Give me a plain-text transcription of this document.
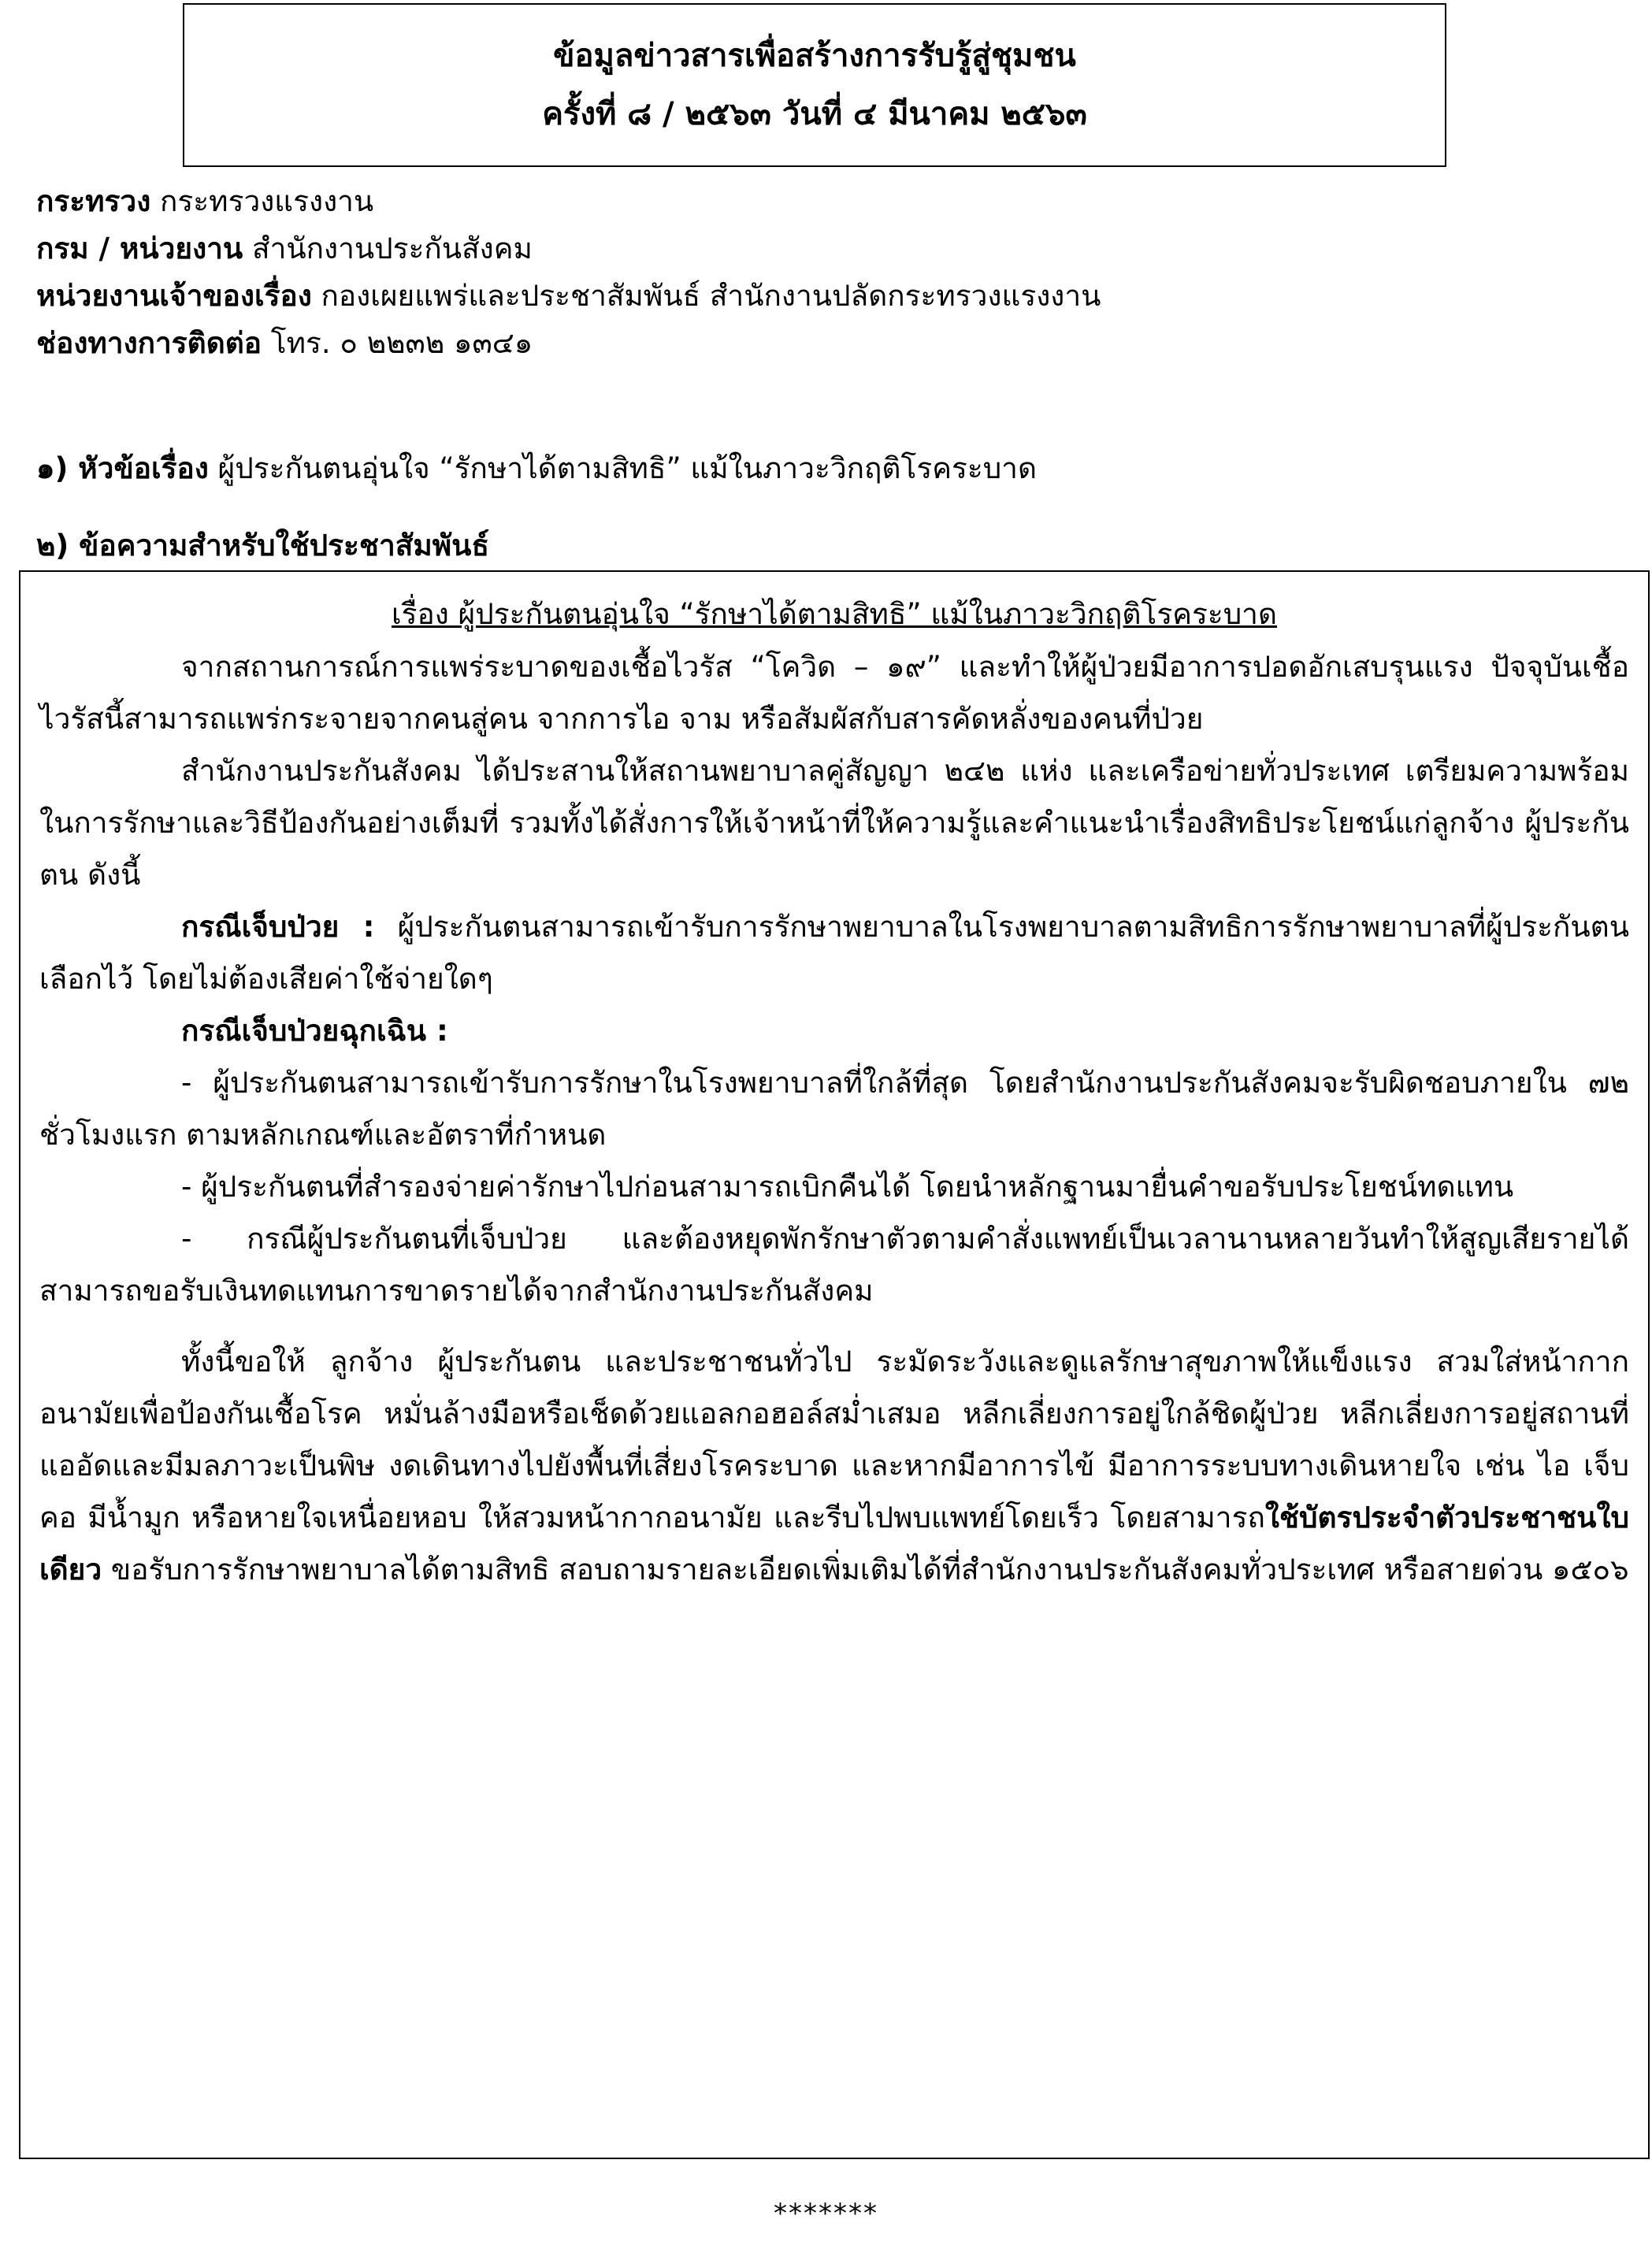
ข้อมูลข่าวสารเพื่อสร้างการรับรู้สู่ชุมชน
ครั้งที่ ๘ / ๒๕๖๓ วันที่ ๔ มีนาคม ๒๕๖๓
กระทรวง กระทรวงแรงงาน
กรม / หน่วยงาน สำนักงานประกันสังคม
หน่วยงานเจ้าของเรื่อง กองเผยแพร่และประชาสัมพันธ์ สำนักงานปลัดกระทรวงแรงงาน
ช่องทางการติดต่อ โทร. ๐ ๒๒๓๒ ๑๓๔๑
๑) หัวข้อเรื่อง ผู้ประกันตนอุ่นใจ “รักษาได้ตามสิทธิ” แม้ในภาวะวิกฤติโรคระบาด
๒) ข้อความสำหรับใช้ประชาสัมพันธ์
เรื่อง ผู้ประกันตนอุ่นใจ “รักษาได้ตามสิทธิ” แม้ในภาวะวิกฤติโรคระบาด

จากสถานการณ์การแพร่ระบาดของเชื้อไวรัส “โควิด – ๑๙” และทำให้ผู้ป่วยมีอาการปอดอักเสบรุนแรง ปัจจุบันเชื้อไวรัสนี้สามารถแพร่กระจายจากคนสู่คน จากการไอ จาม หรือสัมผัสกับสารคัดหลั่งของคนที่ป่วย

สำนักงานประกันสังคม ได้ประสานให้สถานพยาบาลคู่สัญญา ๒๔๒ แห่ง และเครือข่ายทั่วประเทศ เตรียมความพร้อมในการรักษาและวิธีป้องกันอย่างเต็มที่ รวมทั้งได้สั่งการให้เจ้าหน้าที่ให้ความรู้และคำแนะนำเรื่องสิทธิประโยชน์แก่ลูกจ้าง ผู้ประกันตน ดังนี้

กรณีเจ็บป่วย : ผู้ประกันตนสามารถเข้ารับการรักษาพยาบาลในโรงพยาบาลตามสิทธิการรักษาพยาบาลที่ผู้ประกันตนเลือกไว้ โดยไม่ต้องเสียค่าใช้จ่ายใดๆ

กรณีเจ็บป่วยฉุกเฉิน :

- ผู้ประกันตนสามารถเข้ารับการรักษาในโรงพยาบาลที่ใกล้ที่สุด โดยสำนักงานประกันสังคมจะรับผิดชอบภายใน ๗๒ ชั่วโมงแรก ตามหลักเกณฑ์และอัตราที่กำหนด

- ผู้ประกันตนที่สำรองจ่ายค่ารักษาไปก่อนสามารถเบิกคืนได้ โดยนำหลักฐานมายื่นคำขอรับประโยชน์ทดแทน

- กรณีผู้ประกันตนที่เจ็บป่วย และต้องหยุดพักรักษาตัวตามคำสั่งแพทย์เป็นเวลานานหลายวันทำให้สูญเสียรายได้ สามารถขอรับเงินทดแทนการขาดรายได้จากสำนักงานประกันสังคม

ทั้งนี้ขอให้ ลูกจ้าง ผู้ประกันตน และประชาชนทั่วไป ระมัดระวังและดูแลรักษาสุขภาพให้แข็งแรง สวมใส่หน้ากากอนามัยเพื่อป้องกันเชื้อโรค หมั่นล้างมือหรือเช็ดด้วยแอลกอฮอล์สม่ำเสมอ หลีกเลี่ยงการอยู่ใกล้ชิดผู้ป่วย หลีกเลี่ยงการอยู่สถานที่แออัดและมีมลภาวะเป็นพิษ งดเดินทางไปยังพื้นที่เสี่ยงโรคระบาด และหากมีอาการไข้ มีอาการระบบทางเดินหายใจ เช่น ไอ เจ็บคอ มีน้ำมูก หรือหายใจเหนื่อยหอบ ให้สวมหน้ากากอนามัย และรีบไปพบแพทย์โดยเร็ว โดยสามารถใช้บัตรประจำตัวประชาชนใบเดียว ขอรับการรักษาพยาบาลได้ตามสิทธิ สอบถามรายละเอียดเพิ่มเติมได้ที่สำนักงานประกันสังคมทั่วประเทศ หรือสายด่วน ๑๕๐๖

*******
